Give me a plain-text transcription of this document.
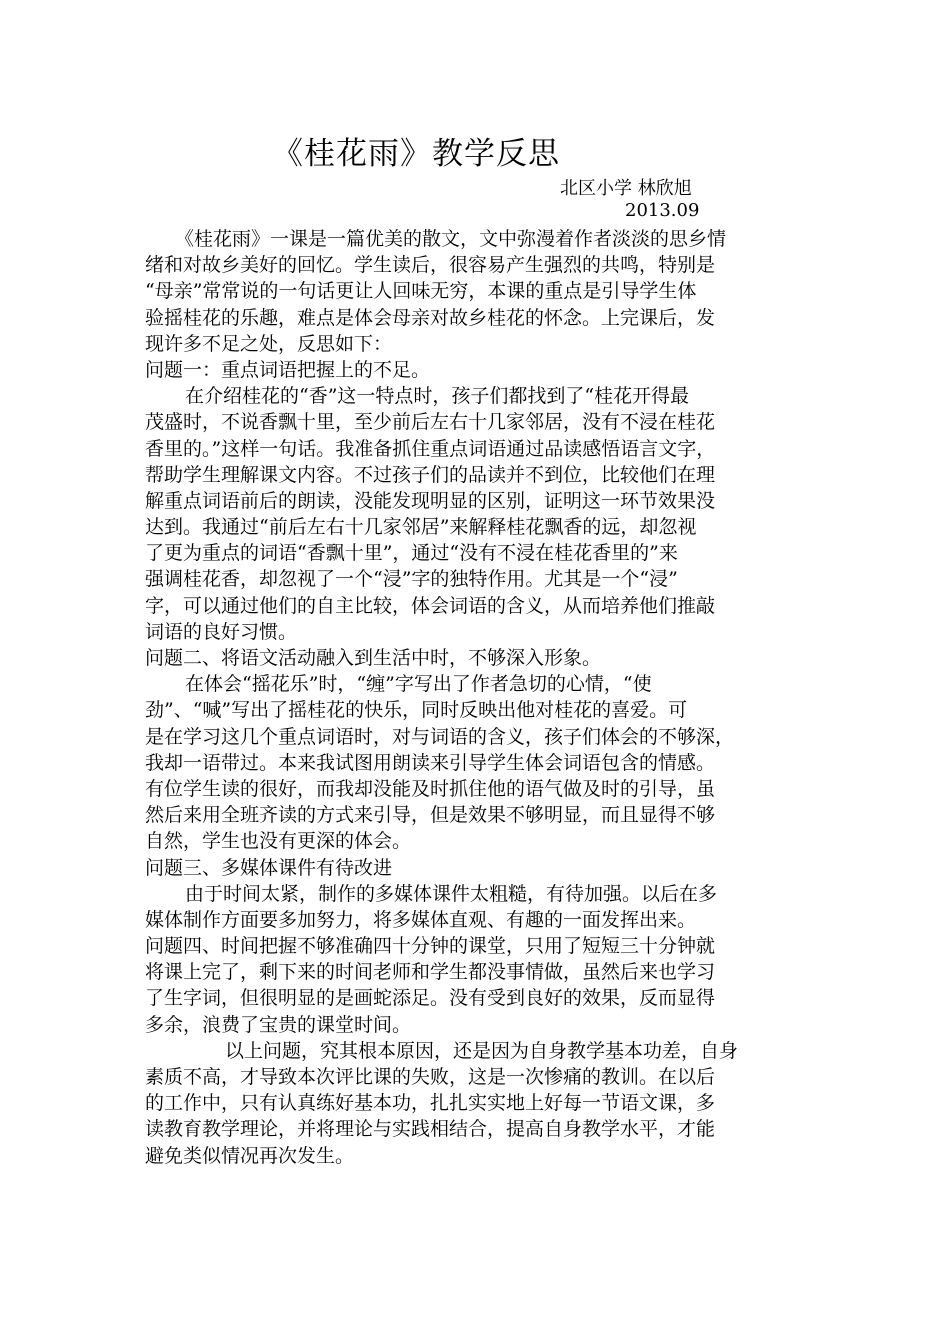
《桂花雨》教学反思
北区小学 林欣旭
2013.09
《桂花雨》一课是一篇优美的散文，文中弥漫着作者淡淡的思乡情
绪和对故乡美好的回忆。学生读后，很容易产生强烈的共鸣，特别是
“母亲”常常说的一句话更让人回味无穷，本课的重点是引导学生体
验摇桂花的乐趣，难点是体会母亲对故乡桂花的怀念。上完课后，发
现许多不足之处，反思如下：
问题一：重点词语把握上的不足。
在介绍桂花的“香”这一特点时，孩子们都找到了“桂花开得最
茂盛时，不说香飘十里，至少前后左右十几家邻居，没有不浸在桂花
香里的。”这样一句话。我准备抓住重点词语通过品读感悟语言文字，
帮助学生理解课文内容。不过孩子们的品读并不到位，比较他们在理
解重点词语前后的朗读，没能发现明显的区别，证明这一环节效果没
达到。我通过“前后左右十几家邻居”来解释桂花飘香的远，却忽视
了更为重点的词语“香飘十里”，通过“没有不浸在桂花香里的”来
强调桂花香，却忽视了一个“浸”字的独特作用。尤其是一个“浸”
字，可以通过他们的自主比较，体会词语的含义，从而培养他们推敲
词语的良好习惯。
问题二、将语文活动融入到生活中时，不够深入形象。
在体会“摇花乐”时，“缠”字写出了作者急切的心情，“使
劲”、“喊”写出了摇桂花的快乐，同时反映出他对桂花的喜爱。可
是在学习这几个重点词语时，对与词语的含义，孩子们体会的不够深，
我却一语带过。本来我试图用朗读来引导学生体会词语包含的情感。
有位学生读的很好，而我却没能及时抓住他的语气做及时的引导，虽
然后来用全班齐读的方式来引导，但是效果不够明显，而且显得不够
自然，学生也没有更深的体会。
问题三、多媒体课件有待改进
由于时间太紧，制作的多媒体课件太粗糙，有待加强。以后在多
媒体制作方面要多加努力，将多媒体直观、有趣的一面发挥出来。
问题四、时间把握不够准确四十分钟的课堂，只用了短短三十分钟就
将课上完了，剩下来的时间老师和学生都没事情做，虽然后来也学习
了生字词，但很明显的是画蛇添足。没有受到良好的效果，反而显得
多余，浪费了宝贵的课堂时间。
以上问题，究其根本原因，还是因为自身教学基本功差，自身
素质不高，才导致本次评比课的失败，这是一次惨痛的教训。在以后
的工作中，只有认真练好基本功，扎扎实实地上好每一节语文课，多
读教育教学理论，并将理论与实践相结合，提高自身教学水平，才能
避免类似情况再次发生。
